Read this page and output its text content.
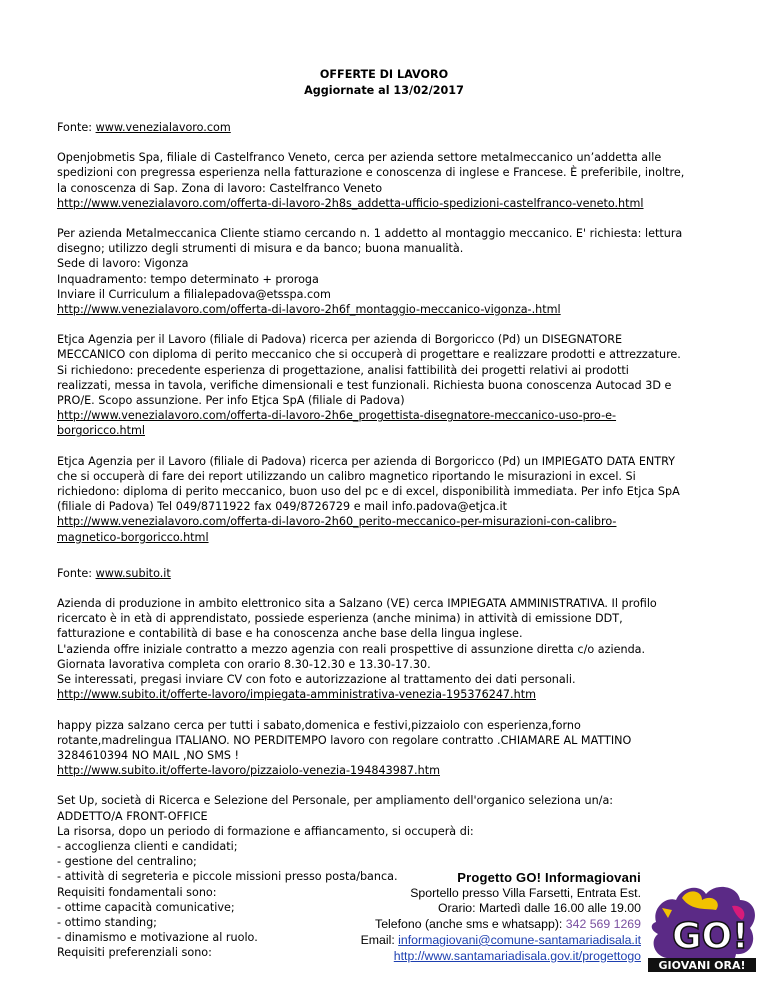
OFFERTE DI LAVORO
Aggiornate al 13/02/2017

Fonte: www.venezialavoro.com

Openjobmetis Spa, filiale di Castelfranco Veneto, cerca per azienda settore metalmeccanico un’addetta alle
spedizioni con pregressa esperienza nella fatturazione e conoscenza di inglese e Francese. È preferibile, inoltre,
la conoscenza di Sap. Zona di lavoro: Castelfranco Veneto
http://www.venezialavoro.com/offerta-di-lavoro-2h8s_addetta-ufficio-spedizioni-castelfranco-veneto.html
Per azienda Metalmeccanica Cliente stiamo cercando n. 1 addetto al montaggio meccanico. E' richiesta: lettura
disegno; utilizzo degli strumenti di misura e da banco; buona manualità.
Sede di lavoro: Vigonza
Inquadramento: tempo determinato + proroga
Inviare il Curriculum a filialepadova@etsspa.com
http://www.venezialavoro.com/offerta-di-lavoro-2h6f_montaggio-meccanico-vigonza-.html
Etjca Agenzia per il Lavoro (filiale di Padova) ricerca per azienda di Borgoricco (Pd) un DISEGNATORE
MECCANICO con diploma di perito meccanico che si occuperà di progettare e realizzare prodotti e attrezzature.
Si richiedono: precedente esperienza di progettazione, analisi fattibilità dei progetti relativi ai prodotti
realizzati, messa in tavola, verifiche dimensionali e test funzionali. Richiesta buona conoscenza Autocad 3D e
PRO/E. Scopo assunzione. Per info Etjca SpA (filiale di Padova)
http://www.venezialavoro.com/offerta-di-lavoro-2h6e_progettista-disegnatore-meccanico-uso-pro-e-
borgoricco.html
Etjca Agenzia per il Lavoro (filiale di Padova) ricerca per azienda di Borgoricco (Pd) un IMPIEGATO DATA ENTRY
che si occuperà di fare dei report utilizzando un calibro magnetico riportando le misurazioni in excel. Si
richiedono: diploma di perito meccanico, buon uso del pc e di excel, disponibilità immediata. Per info Etjca SpA
(filiale di Padova) Tel 049/8711922 fax 049/8726729 e mail info.padova@etjca.it
http://www.venezialavoro.com/offerta-di-lavoro-2h60_perito-meccanico-per-misurazioni-con-calibro-
magnetico-borgoricco.html

Fonte: www.subito.it

Azienda di produzione in ambito elettronico sita a Salzano (VE) cerca IMPIEGATA AMMINISTRATIVA. Il profilo
ricercato è in età di apprendistato, possiede esperienza (anche minima) in attività di emissione DDT,
fatturazione e contabilità di base e ha conoscenza anche base della lingua inglese.
L'azienda offre iniziale contratto a mezzo agenzia con reali prospettive di assunzione diretta c/o azienda.
Giornata lavorativa completa con orario 8.30-12.30 e 13.30-17.30.
Se interessati, pregasi inviare CV con foto e autorizzazione al trattamento dei dati personali.
http://www.subito.it/offerte-lavoro/impiegata-amministrativa-venezia-195376247.htm
happy pizza salzano cerca per tutti i sabato,domenica e festivi,pizzaiolo con esperienza,forno
rotante,madrelingua ITALIANO. NO PERDITEMPO lavoro con regolare contratto .CHIAMARE AL MATTINO
3284610394 NO MAIL ,NO SMS !
http://www.subito.it/offerte-lavoro/pizzaiolo-venezia-194843987.htm
Set Up, società di Ricerca e Selezione del Personale, per ampliamento dell'organico seleziona un/a:
ADDETTO/A FRONT-OFFICE
La risorsa, dopo un periodo di formazione e affiancamento, si occuperà di:
- accoglienza clienti e candidati;
- gestione del centralino;
- attività di segreteria e piccole missioni presso posta/banca.
Requisiti fondamentali sono:
- ottime capacità comunicative;
- ottimo standing;
- dinamismo e motivazione al ruolo.
Requisiti preferenziali sono:
Progetto GO! Informagiovani
Sportello presso Villa Farsetti, Entrata Est.
Orario: Martedì dalle 16.00 alle 19.00
Telefono (anche sms e whatsapp): 342 569 1269
Email: informagiovani@comune-santamariadisala.it
http://www.santamariadisala.gov.it/progettogo GO!
GIOVANI ORA!
